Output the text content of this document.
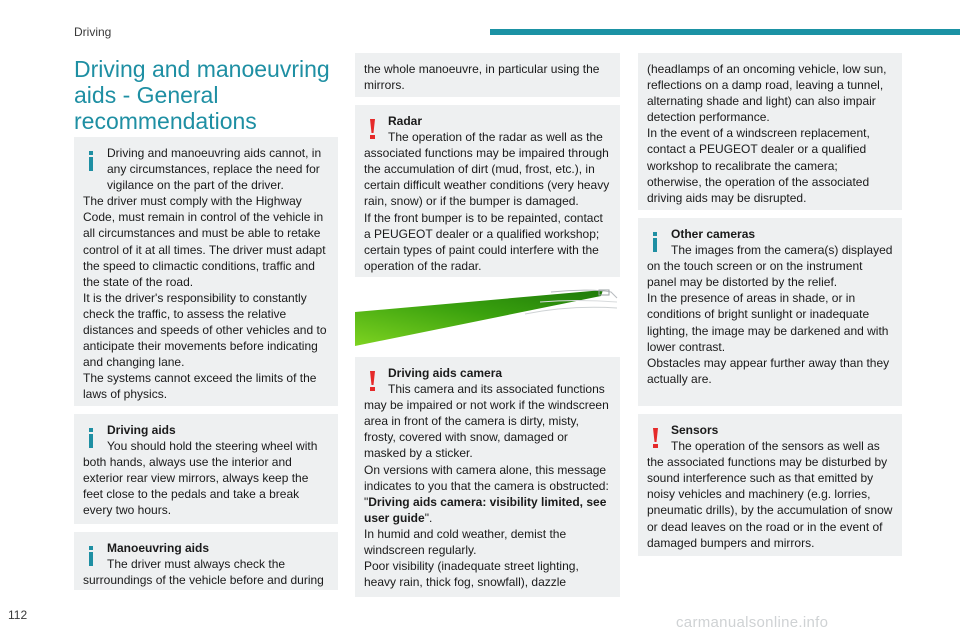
Driving
Driving and manoeuvring aids - General recommendations

Driving and manoeuvring aids cannot, in any circumstances, replace the need for vigilance on the part of the driver.

The driver must comply with the Highway Code, must remain in control of the vehicle in all circumstances and must be able to retake control of it at all times. The driver must adapt the speed to climactic conditions, traffic and the state of the road.

It is the driver's responsibility to constantly check the traffic, to assess the relative distances and speeds of other vehicles and to anticipate their movements before indicating and changing lane.

The systems cannot exceed the limits of the laws of physics.

Driving aids

You should hold the steering wheel with both hands, always use the interior and exterior rear view mirrors, always keep the feet close to the pedals and take a break every two hours.

Manoeuvring aids

The driver must always check the surroundings of the vehicle before and during

the whole manoeuvre, in particular using the mirrors.

Radar

The operation of the radar as well as the associated functions may be impaired through the accumulation of dirt (mud, frost, etc.), in certain difficult weather conditions (very heavy rain, snow) or if the bumper is damaged.

If the front bumper is to be repainted, contact a PEUGEOT dealer or a qualified workshop; certain types of paint could interfere with the operation of the radar.

Driving aids camera

This camera and its associated functions may be impaired or not work if the windscreen area in front of the camera is dirty, misty, frosty, covered with snow, damaged or masked by a sticker.

On versions with camera alone, this message indicates to you that the camera is obstructed: "Driving aids camera: visibility limited, see user guide".

In humid and cold weather, demist the windscreen regularly.

Poor visibility (inadequate street lighting, heavy rain, thick fog, snowfall), dazzle

(headlamps of an oncoming vehicle, low sun, reflections on a damp road, leaving a tunnel, alternating shade and light) can also impair detection performance.

In the event of a windscreen replacement, contact a PEUGEOT dealer or a qualified workshop to recalibrate the camera; otherwise, the operation of the associated driving aids may be disrupted.

Other cameras

The images from the camera(s) displayed on the touch screen or on the instrument panel may be distorted by the relief.

In the presence of areas in shade, or in conditions of bright sunlight or inadequate lighting, the image may be darkened and with lower contrast.

Obstacles may appear further away than they actually are.

Sensors

The operation of the sensors as well as the associated functions may be disturbed by sound interference such as that emitted by noisy vehicles and machinery (e.g. lorries, pneumatic drills), by the accumulation of snow or dead leaves on the road or in the event of damaged bumpers and mirrors.

112	carmanualsonline.info
